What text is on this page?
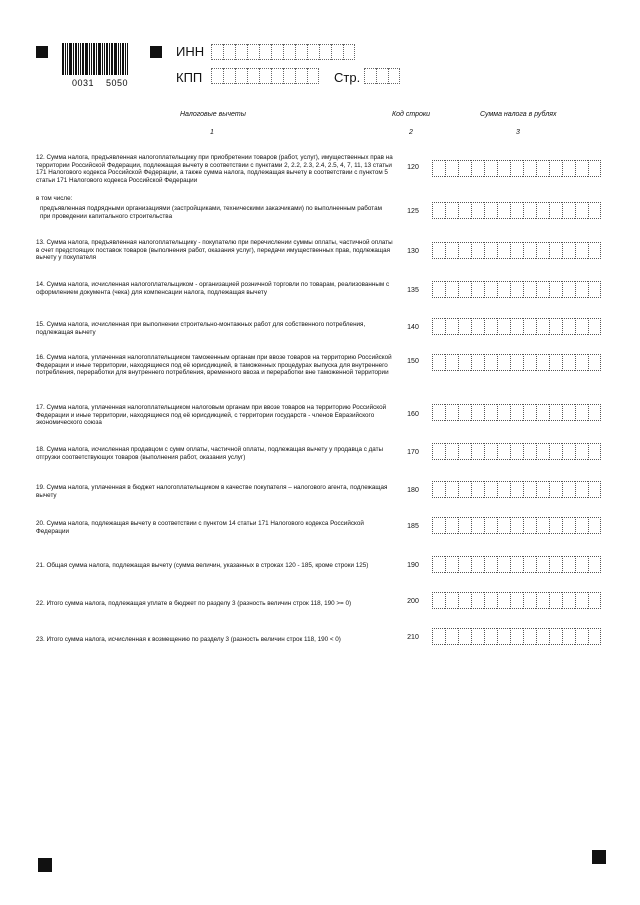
0031 5050
ИНН
КПП	Стр.
Налоговые вычеты	Код строки	Сумма налога в рублях
1	2	3
12. Сумма налога, предъявленная налогоплательщику при приобретении товаров (работ, услуг), имущественных прав на территории Российской Федерации, подлежащая вычету в соответствии с пунктами 2, 2.2, 2.3, 2.4, 2.5, 4, 7, 11, 13 статьи 171 Налогового кодекса Российской Федерации, а также сумма налога, подлежащая вычету в соответствии с пунктом 5 статьи 171 Налогового кодекса Российской Федерации
120
в том числе:
предъявленная подрядными организациями (застройщиками, техническими заказчиками) по выполненным работам при проведении капитального строительства
125
13. Сумма налога, предъявленная налогоплательщику - покупателю при перечислении суммы оплаты, частичной оплаты в счет предстоящих поставок товаров (выполнения работ, оказания услуг), передачи имущественных прав, подлежащая вычету у покупателя
130
14. Сумма налога, исчисленная налогоплательщиком - организацией розничной торговли по товарам, реализованным с оформлением документа (чека) для компенсации налога, подлежащая вычету	135
15. Сумма налога, исчисленная при выполнении строительно-монтажных работ для собственного потребления, подлежащая вычету
140
16. Сумма налога, уплаченная налогоплательщиком таможенным органам при ввозе товаров на территорию Российской Федерации и иные территории, находящиеся под её юрисдикцией, в таможенных процедурах выпуска для внутреннего потребления, переработки для внутреннего потребления, временного ввоза и переработки вне таможенной территории
150
17. Сумма налога, уплаченная налогоплательщиком налоговым органам при ввозе товаров на территорию Российской Федерации и иные территории, находящиеся под её юрисдикцией, с территории государств - членов Евразийского экономического союза
160
18. Сумма налога, исчисленная продавцом с сумм оплаты, частичной оплаты, подлежащая вычету у продавца с даты отгрузки соответствующих товаров (выполнения работ, оказания услуг)
170
19. Сумма налога, уплаченная в бюджет налогоплательщиком в качестве покупателя – налогового агента, подлежащая вычету
180
20. Сумма налога, подлежащая вычету в соответствии с пунктом 14 статьи 171 Налогового кодекса Российской Федерации
185
21. Общая сумма налога, подлежащая вычету (сумма величин, указанных в строках 120 - 185, кроме строки 125)	190
22. Итого сумма налога, подлежащая уплате в бюджет по разделу 3 (разность величин строк 118, 190 >= 0)	200
23. Итого сумма налога, исчисленная к возмещению по разделу 3 (разность величин строк 118, 190 < 0)	210
